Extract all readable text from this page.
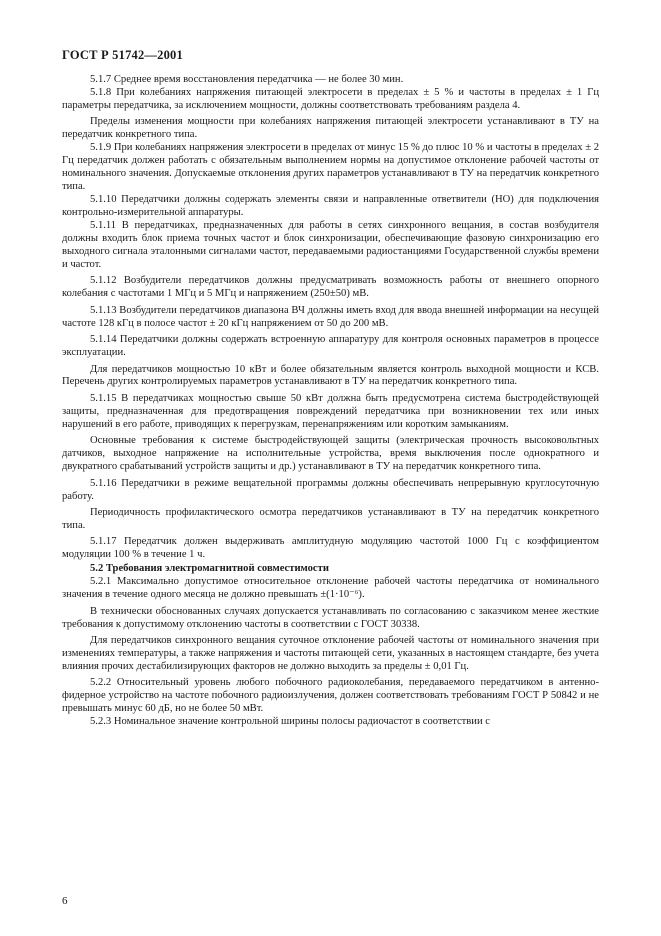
ГОСТ Р 51742—2001

5.1.7 Среднее время восстановления передатчика — не более 30 мин.

5.1.8 При колебаниях напряжения питающей электросети в пределах ± 5 % и частоты в пределах ± 1 Гц параметры передатчика, за исключением мощности, должны соответствовать требованиям раздела 4.

Пределы изменения мощности при колебаниях напряжения питающей электросети устанавливают в ТУ на передатчик конкретного типа.

5.1.9 При колебаниях напряжения электросети в пределах от минус 15 % до плюс 10 % и частоты в пределах ± 2 Гц передатчик должен работать с обязательным выполнением нормы на допустимое отклонение рабочей частоты от номинального значения. Допускаемые отклонения других параметров устанавливают в ТУ на передатчик конкретного типа.

5.1.10 Передатчики должны содержать элементы связи и направленные ответвители (НО) для подключения контрольно-измерительной аппаратуры.

5.1.11 В передатчиках, предназначенных для работы в сетях синхронного вещания, в состав возбудителя должны входить блок приема точных частот и блок синхронизации, обеспечивающие фазовую синхронизацию его выходного сигнала эталонными сигналами частот, передаваемыми радиостанциями Государственной службы времени и частот.

5.1.12 Возбудители передатчиков должны предусматривать возможность работы от внешнего опорного колебания с частотами 1 МГц и 5 МГц и напряжением (250±50) мВ.

5.1.13 Возбудители передатчиков диапазона ВЧ должны иметь вход для ввода внешней информации на несущей частоте 128 кГц в полосе частот ± 20 кГц напряжением от 50 до 200 мВ.

5.1.14 Передатчики должны содержать встроенную аппаратуру для контроля основных параметров в процессе эксплуатации.

Для передатчиков мощностью 10 кВт и более обязательным является контроль выходной мощности и КСВ. Перечень других контролируемых параметров устанавливают в ТУ на передатчик конкретного типа.

5.1.15 В передатчиках мощностью свыше 50 кВт должна быть предусмотрена система быстродействующей защиты, предназначенная для предотвращения повреждений передатчика при возникновении тех или иных нарушений в его работе, приводящих к перегрузкам, перенапряжениям или коротким замыканиям.

Основные требования к системе быстродействующей защиты (электрическая прочность высоковольтных датчиков, выходное напряжение на исполнительные устройства, время выключения после однократного и двукратного срабатываний устройств защиты и др.) устанавливают в ТУ на передатчик конкретного типа.

5.1.16 Передатчики в режиме вещательной программы должны обеспечивать непрерывную круглосуточную работу.

Периодичность профилактического осмотра передатчиков устанавливают в ТУ на передатчик конкретного типа.

5.1.17 Передатчик должен выдерживать амплитудную модуляцию частотой 1000 Гц с коэффициентом модуляции 100 % в течение 1 ч.

5.2 Требования электромагнитной совместимости

5.2.1 Максимально допустимое относительное отклонение рабочей частоты передатчика от номинального значения в течение одного месяца не должно превышать ±(1·10⁻⁶).

В технически обоснованных случаях допускается устанавливать по согласованию с заказчиком менее жесткие требования к допустимому отклонению частоты в соответствии с ГОСТ 30338.

Для передатчиков синхронного вещания суточное отклонение рабочей частоты от номинального значения при изменениях температуры, а также напряжения и частоты питающей сети, указанных в настоящем стандарте, без учета влияния прочих дестабилизирующих факторов не должно выходить за пределы ± 0,01 Гц.

5.2.2 Относительный уровень любого побочного радиоколебания, передаваемого передатчиком в антенно-фидерное устройство на частоте побочного радиоизлучения, должен соответствовать требованиям ГОСТ Р 50842 и не превышать минус 60 дБ, но не более 50 мВт.

5.2.3 Номинальное значение контрольной ширины полосы радиочастот в соответствии с

6
